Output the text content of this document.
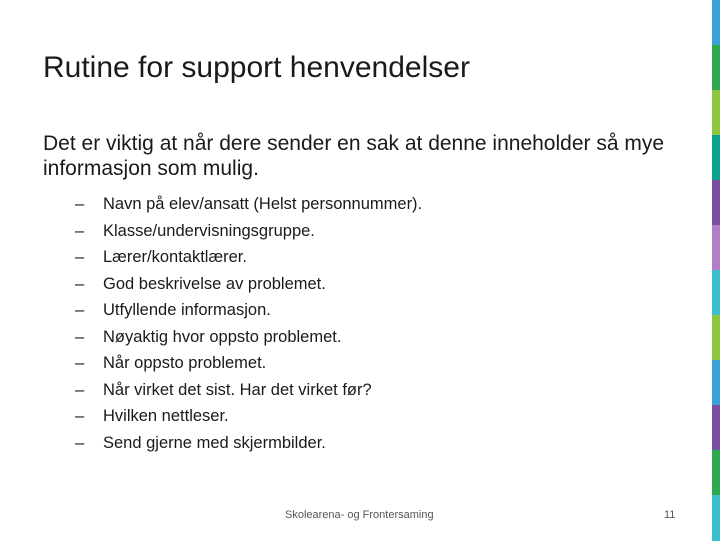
Rutine for support henvendelser

Det er viktig at når dere sender en sak at denne inneholder så mye informasjon som mulig.

– Navn på elev/ansatt (Helst personnummer).
– Klasse/undervisningsgruppe.
– Lærer/kontaktlærer.
– God beskrivelse av problemet.
– Utfyllende informasjon.
– Nøyaktig hvor oppsto problemet.
– Når oppsto problemet.
– Når virket det sist. Har det virket før?
– Hvilken nettleser.
– Send gjerne med skjermbilder.
Skolearena- og Frontersaming	11
